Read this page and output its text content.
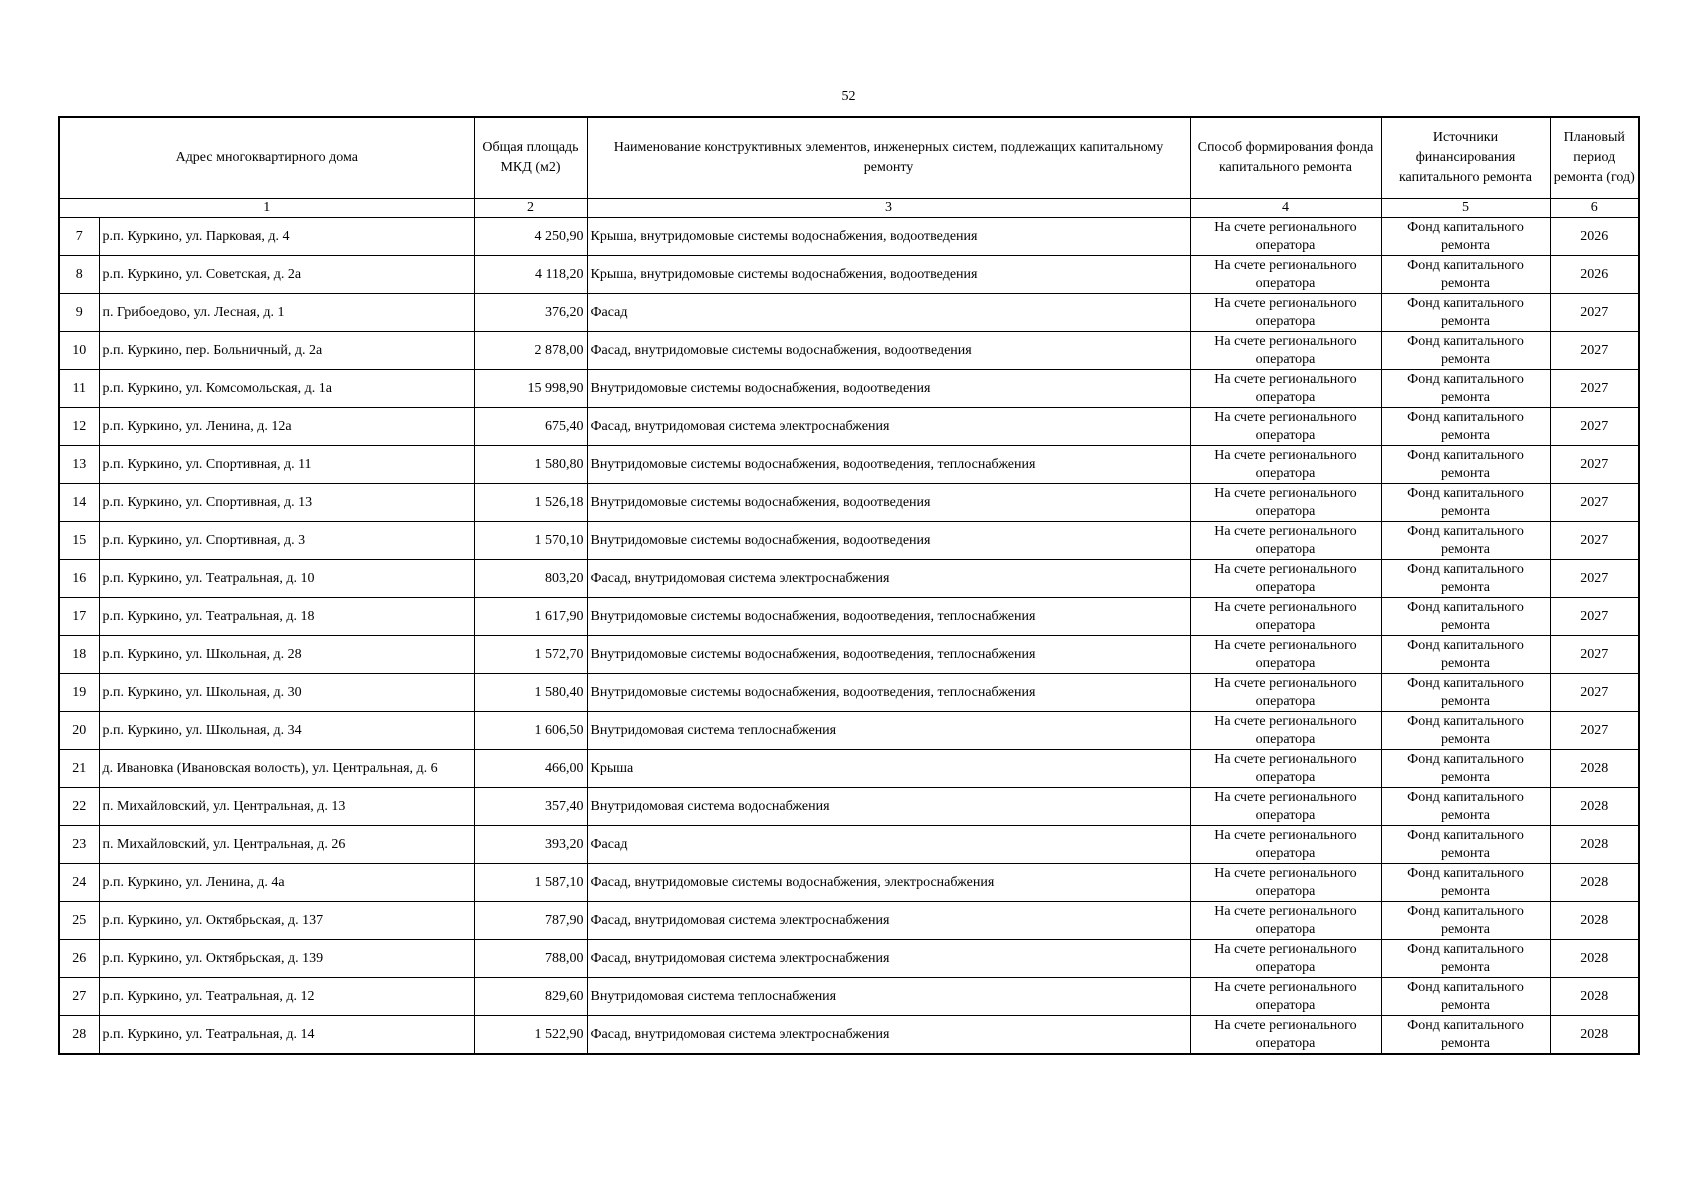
52
Адрес многоквартирного дома		Общая площадь МКД (м2)	Наименование конструктивных элементов, инженерных систем, подлежащих капитальному ремонту	Способ формирования фонда капитального ремонта	Источники финансирования капитального ремонта	Плановый период ремонта (год)
1		2	3	4	5	6
7	р.п. Куркино, ул. Парковая, д. 4	4 250,90	Крыша, внутридомовые системы водоснабжения, водоотведения	На счете регионального оператора	Фонд капитального ремонта	2026
8	р.п. Куркино, ул. Советская, д. 2а	4 118,20	Крыша, внутридомовые системы водоснабжения, водоотведения	На счете регионального оператора	Фонд капитального ремонта	2026
9	п. Грибоедово, ул. Лесная, д. 1	376,20	Фасад	На счете регионального оператора	Фонд капитального ремонта	2027
10	р.п. Куркино, пер. Больничный, д. 2а	2 878,00	Фасад, внутридомовые системы водоснабжения, водоотведения	На счете регионального оператора	Фонд капитального ремонта	2027
11	р.п. Куркино, ул. Комсомольская, д. 1а	15 998,90	Внутридомовые системы водоснабжения, водоотведения	На счете регионального оператора	Фонд капитального ремонта	2027
12	р.п. Куркино, ул. Ленина, д. 12а	675,40	Фасад, внутридомовая система электроснабжения	На счете регионального оператора	Фонд капитального ремонта	2027
13	р.п. Куркино, ул. Спортивная, д. 11	1 580,80	Внутридомовые системы водоснабжения, водоотведения, теплоснабжения	На счете регионального оператора	Фонд капитального ремонта	2027
14	р.п. Куркино, ул. Спортивная, д. 13	1 526,18	Внутридомовые системы водоснабжения, водоотведения	На счете регионального оператора	Фонд капитального ремонта	2027
15	р.п. Куркино, ул. Спортивная, д. 3	1 570,10	Внутридомовые системы водоснабжения, водоотведения	На счете регионального оператора	Фонд капитального ремонта	2027
16	р.п. Куркино, ул. Театральная, д. 10	803,20	Фасад, внутридомовая система электроснабжения	На счете регионального оператора	Фонд капитального ремонта	2027
17	р.п. Куркино, ул. Театральная, д. 18	1 617,90	Внутридомовые системы водоснабжения, водоотведения, теплоснабжения	На счете регионального оператора	Фонд капитального ремонта	2027
18	р.п. Куркино, ул. Школьная, д. 28	1 572,70	Внутридомовые системы водоснабжения, водоотведения, теплоснабжения	На счете регионального оператора	Фонд капитального ремонта	2027
19	р.п. Куркино, ул. Школьная, д. 30	1 580,40	Внутридомовые системы водоснабжения, водоотведения, теплоснабжения	На счете регионального оператора	Фонд капитального ремонта	2027
20	р.п. Куркино, ул. Школьная, д. 34	1 606,50	Внутридомовая система теплоснабжения	На счете регионального оператора	Фонд капитального ремонта	2027
21	д. Ивановка (Ивановская волость), ул. Центральная, д. 6	466,00	Крыша	На счете регионального оператора	Фонд капитального ремонта	2028
22	п. Михайловский, ул. Центральная, д. 13	357,40	Внутридомовая система водоснабжения	На счете регионального оператора	Фонд капитального ремонта	2028
23	п. Михайловский, ул. Центральная, д. 26	393,20	Фасад	На счете регионального оператора	Фонд капитального ремонта	2028
24	р.п. Куркино, ул. Ленина, д. 4а	1 587,10	Фасад, внутридомовые системы водоснабжения, электроснабжения	На счете регионального оператора	Фонд капитального ремонта	2028
25	р.п. Куркино, ул. Октябрьская, д. 137	787,90	Фасад, внутридомовая система электроснабжения	На счете регионального оператора	Фонд капитального ремонта	2028
26	р.п. Куркино, ул. Октябрьская, д. 139	788,00	Фасад, внутридомовая система электроснабжения	На счете регионального оператора	Фонд капитального ремонта	2028
27	р.п. Куркино, ул. Театральная, д. 12	829,60	Внутридомовая система теплоснабжения	На счете регионального оператора	Фонд капитального ремонта	2028
28	р.п. Куркино, ул. Театральная, д. 14	1 522,90	Фасад, внутридомовая система электроснабжения	На счете регионального оператора	Фонд капитального ремонта	2028
